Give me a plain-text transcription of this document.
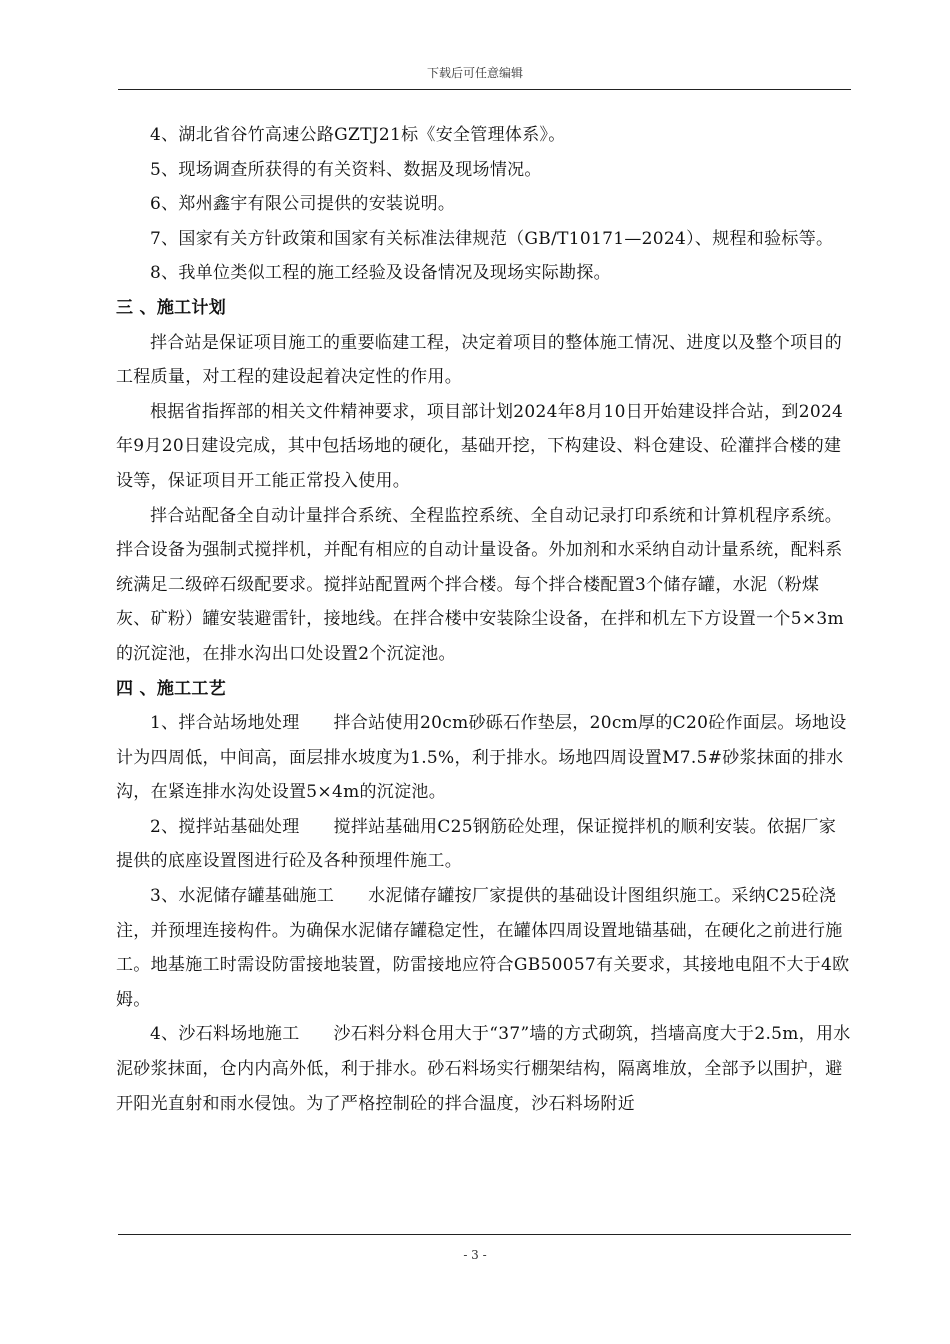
下载后可任意编辑

4、湖北省谷竹高速公路GZTJ21标《安全管理体系》。

5、现场调查所获得的有关资料、数据及现场情况。

6、郑州鑫宇有限公司提供的安装说明。

7、国家有关方针政策和国家有关标准法律规范（GB/T10171—2024）、规程和验标等。

8、我单位类似工程的施工经验及设备情况及现场实际勘探。

三 、施工计划

拌合站是保证项目施工的重要临建工程，决定着项目的整体施工情况、进度以及整个项目的工程质量，对工程的建设起着决定性的作用。

根据省指挥部的相关文件精神要求，项目部计划2024年8月10日开始建设拌合站，到2024年9月20日建设完成，其中包括场地的硬化，基础开挖，下构建设、料仓建设、砼灌拌合楼的建设等，保证项目开工能正常投入使用。

拌合站配备全自动计量拌合系统、全程监控系统、全自动记录打印系统和计算机程序系统。拌合设备为强制式搅拌机，并配有相应的自动计量设备。外加剂和水采纳自动计量系统，配料系统满足二级碎石级配要求。搅拌站配置两个拌合楼。每个拌合楼配置3个储存罐，水泥（粉煤灰、矿粉）罐安装避雷针，接地线。在拌合楼中安装除尘设备，在拌和机左下方设置一个5×3m的沉淀池，在排水沟出口处设置2个沉淀池。

四 、施工工艺

1、拌合站场地处理 拌合站使用20cm砂砾石作垫层，20cm厚的C20砼作面层。场地设计为四周低，中间高，面层排水坡度为1.5%，利于排水。场地四周设置M7.5#砂浆抹面的排水沟，在紧连排水沟处设置5×4m的沉淀池。

2、搅拌站基础处理 搅拌站基础用C25钢筋砼处理，保证搅拌机的顺利安装。依据厂家提供的底座设置图进行砼及各种预埋件施工。

3、水泥储存罐基础施工 水泥储存罐按厂家提供的基础设计图组织施工。采纳C25砼浇注，并预埋连接构件。为确保水泥储存罐稳定性，在罐体四周设置地锚基础，在硬化之前进行施工。地基施工时需设防雷接地装置，防雷接地应符合GB50057有关要求，其接地电阻不大于4欧姆。

4、沙石料场地施工 沙石料分料仓用大于“37”墙的方式砌筑，挡墙高度大于2.5m，用水泥砂浆抹面，仓内内高外低，利于排水。砂石料场实行棚架结构，隔离堆放，全部予以围护，避开阳光直射和雨水侵蚀。为了严格控制砼的拌合温度，沙石料场附近

- 3 -
